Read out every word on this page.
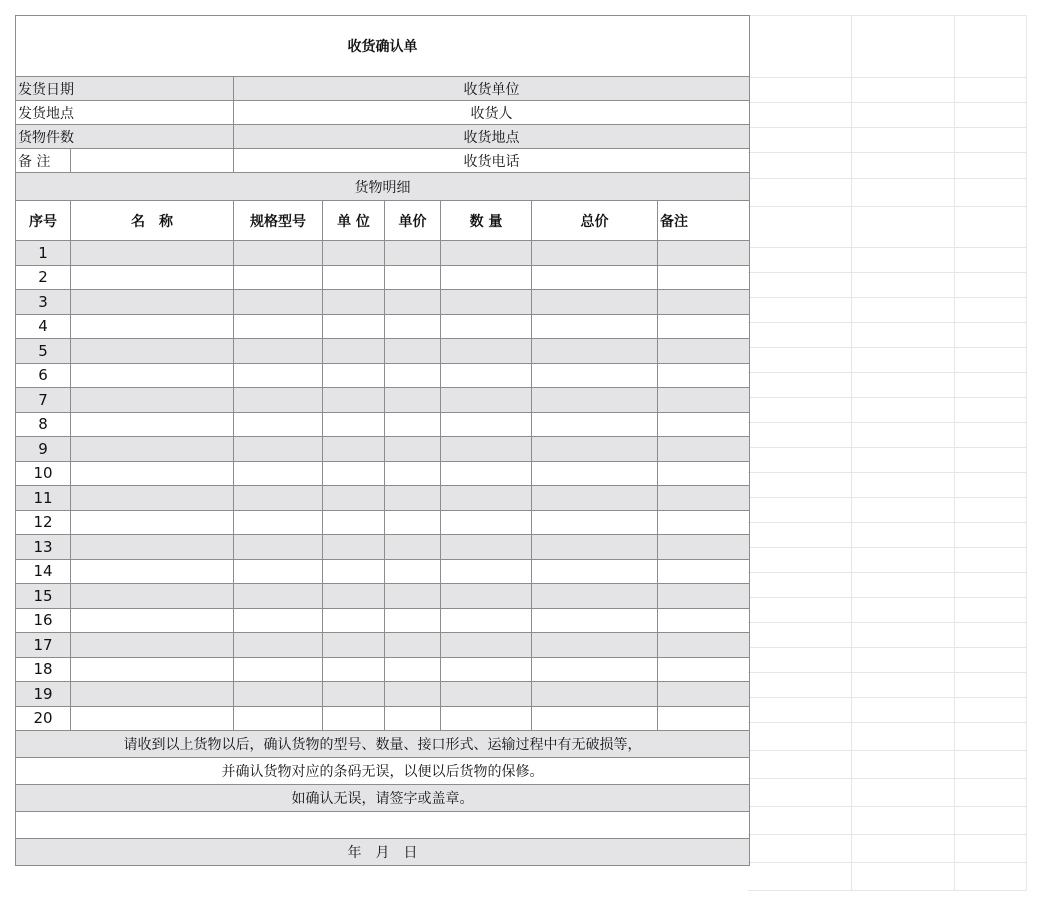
收货确认单							
发货日期		收货单位					
发货地点		收货人					
货物件数		收货地点					
备 注		收货电话					
货物明细							
序号	名　称	规格型号	单 位	单价	数 量	总价	备注
1							
2							
3							
4							
5							
6							
7							
8							
9							
10							
11							
12							
13							
14							
15							
16							
17							
18							
19							
20							
请收到以上货物以后，确认货物的型号、数量、接口形式、运输过程中有无破损等，							
并确认货物对应的条码无误，以便以后货物的保修。							
如确认无误，请签字或盖章。							

年　月　日							
